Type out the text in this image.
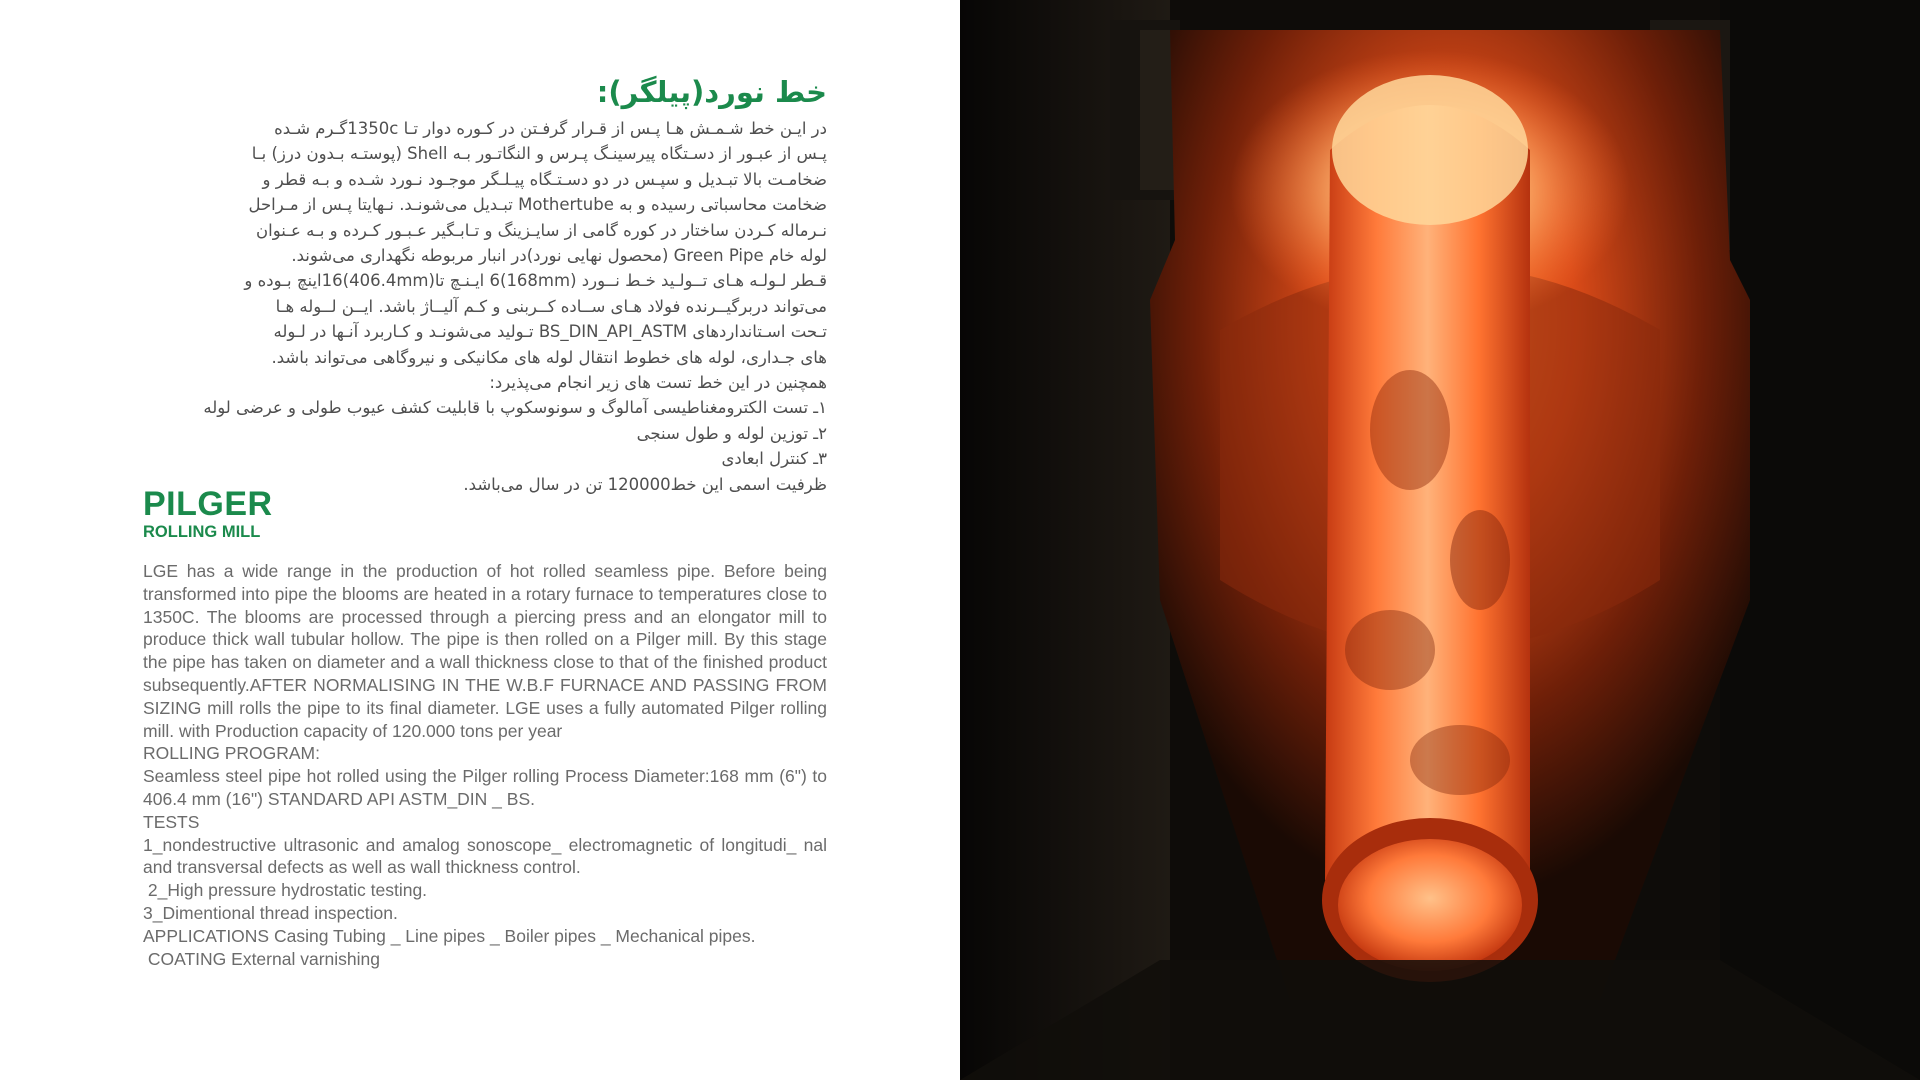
خط نورد(پیلگر):

در ایـن خط شـمـش هـا پـس از قـرار گرفـتن در کـوره دوار تـا 1350cگـرم شـده

پـس از عبـور از دسـتگاه پیرسینـگ پـرس و النگاتـور بـه Shell (پوستـه بـدون درز) بـا

ضخامـت بالا تبـدیل و سپـس در دو دسـتـگاه پیـلـگر موجـود نـورد شـده و بـه قطر و

ضخامت محاسباتی رسیده و به Mothertube تبـدیل می‌شونـد. نـهایتا پـس از مـراحل

نـرماله کـردن ساختار در کوره گامی از سایـزینگ و تـابـگیر عـبـور کـرده و بـه عـنوان

لوله خام Green Pipe (محصول نهایی نورد)در انبار مربوطه نگهداری می‌شوند.

قـطر لـولـه هـای تــولـید خـط نــورد (168mm)6 ایـنـچ تا(406.4mm)16اینچ بـوده و

می‌تواند دربرگیــرنده فولاد هـای ســاده کــربنی و کـم آلیــاژ باشد. ایــن لــوله هـا

تـحت اسـتانداردهای BS_DIN_API_ASTM تـولید می‌شونـد و کـاربرد آنـها در لـوله

های جـداری، لوله های خطوط انتقال لوله های مکانیکی و نیروگاهی می‌تواند باشد.

همچنین در این خط تست های زیر انجام می‌پذیرد:

۱ـ تست الکترومغناطیسی آمالوگ و سونوسکوپ با قابلیت کشف عیوب طولی و عرضی لوله

۲ـ توزین لوله و طول سنجی

۳ـ کنترل ابعادی

ظرفیت اسمی این خط120000 تن در سال می‌باشد.

PILGER
ROLLING MILL

LGE has a wide range in the production of hot rolled seamless pipe. Before being transformed into pipe the blooms are heated in a rotary furnace to temperatures close to 1350C. The blooms are processed through a piercing press and an elongator mill to produce thick wall tubular hollow. The pipe is then rolled on a Pilger mill. By this stage the pipe has taken on diameter and a wall thickness close to that of the finished product subsequently.AFTER NORMALISING IN THE W.B.F FURNACE AND PASSING FROM SIZING mill rolls the pipe to its final diameter. LGE uses a fully automated Pilger rolling mill. with Production capacity of 120.000 tons per year

ROLLING PROGRAM:

Seamless steel pipe hot rolled using the Pilger rolling Process Diameter:168 mm (6") to 406.4 mm (16") STANDARD API ASTM_DIN _ BS.

TESTS

1_nondestructive ultrasonic and amalog sonoscope_ electromagnetic of longitudi_ nal and transversal defects as well as wall thickness control.

2_High pressure hydrostatic testing.

3_Dimentional thread inspection.

APPLICATIONS Casing Tubing _ Line pipes _ Boiler pipes _ Mechanical pipes.

COATING External varnishing
